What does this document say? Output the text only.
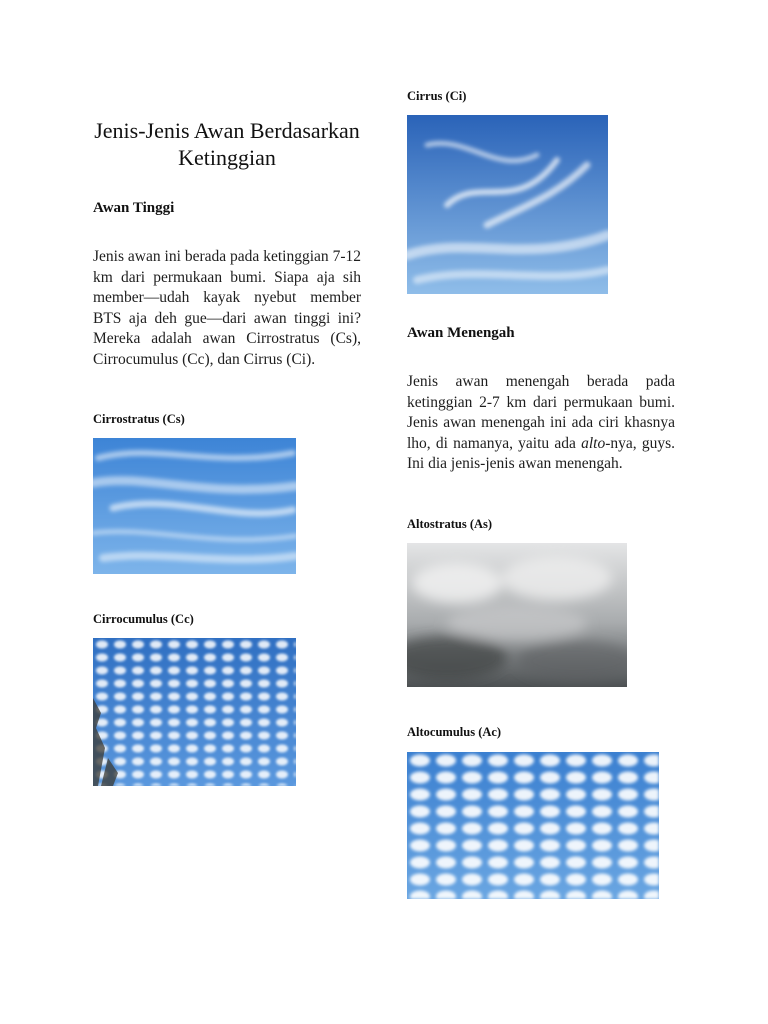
Jenis-Jenis Awan Berdasarkan Ketinggian

Awan Tinggi

Jenis awan ini berada pada ketinggian 7-12 km dari permukaan bumi. Siapa aja sih member—udah kayak nyebut member BTS aja deh gue—dari awan tinggi ini? Mereka adalah awan Cirrostratus (Cs), Cirrocumulus (Cc), dan Cirrus (Ci).

Cirrostratus (Cs)

Cirrocumulus (Cc)

Cirrus (Ci)

Awan Menengah

Jenis awan menengah berada pada ketinggian 2-7 km dari permukaan bumi. Jenis awan menengah ini ada ciri khasnya lho, di namanya, yaitu ada alto-nya, guys. Ini dia jenis-jenis awan menengah.

Altostratus (As)

Altocumulus (Ac)
